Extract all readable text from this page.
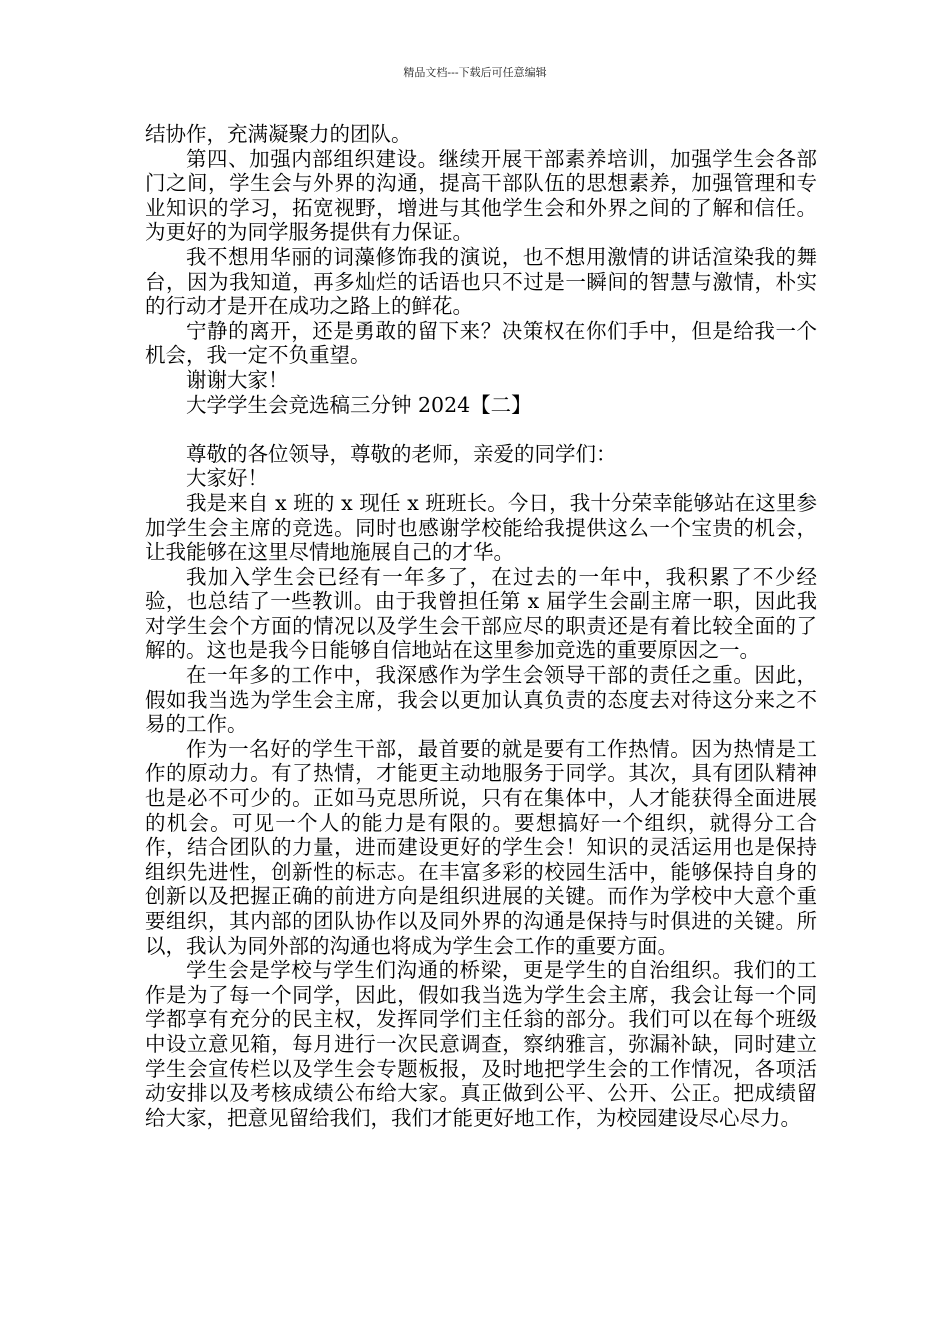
精品文档---下载后可任意编辑

结协作，充满凝聚力的团队。

第四、加强内部组织建设。继续开展干部素养培训，加强学生会各部门之间，学生会与外界的沟通，提高干部队伍的思想素养，加强管理和专业知识的学习，拓宽视野，增进与其他学生会和外界之间的了解和信任。为更好的为同学服务提供有力保证。

我不想用华丽的词藻修饰我的演说，也不想用激情的讲话渲染我的舞台，因为我知道，再多灿烂的话语也只不过是一瞬间的智慧与激情，朴实的行动才是开在成功之路上的鲜花。

宁静的离开，还是勇敢的留下来？决策权在你们手中，但是给我一个机会，我一定不负重望。

谢谢大家！

大学学生会竞选稿三分钟 2024【二】

尊敬的各位领导，尊敬的老师，亲爱的同学们：

大家好！

我是来自 x 班的 x 现任 x 班班长。今日，我十分荣幸能够站在这里参加学生会主席的竞选。同时也感谢学校能给我提供这么一个宝贵的机会，让我能够在这里尽情地施展自己的才华。

我加入学生会已经有一年多了，在过去的一年中，我积累了不少经验，也总结了一些教训。由于我曾担任第 x 届学生会副主席一职，因此我对学生会个方面的情况以及学生会干部应尽的职责还是有着比较全面的了解的。这也是我今日能够自信地站在这里参加竞选的重要原因之一。

在一年多的工作中，我深感作为学生会领导干部的责任之重。因此，假如我当选为学生会主席，我会以更加认真负责的态度去对待这分来之不易的工作。

作为一名好的学生干部，最首要的就是要有工作热情。因为热情是工作的原动力。有了热情，才能更主动地服务于同学。其次，具有团队精神也是必不可少的。正如马克思所说，只有在集体中，人才能获得全面进展的机会。可见一个人的能力是有限的。要想搞好一个组织，就得分工合作，结合团队的力量，进而建设更好的学生会！知识的灵活运用也是保持组织先进性，创新性的标志。在丰富多彩的校园生活中，能够保持自身的创新以及把握正确的前进方向是组织进展的关键。而作为学校中大意个重要组织，其内部的团队协作以及同外界的沟通是保持与时俱进的关键。所以，我认为同外部的沟通也将成为学生会工作的重要方面。

学生会是学校与学生们沟通的桥梁，更是学生的自治组织。我们的工作是为了每一个同学，因此，假如我当选为学生会主席，我会让每一个同学都享有充分的民主权，发挥同学们主任翁的部分。我们可以在每个班级中设立意见箱，每月进行一次民意调查，察纳雅言，弥漏补缺，同时建立学生会宣传栏以及学生会专题板报，及时地把学生会的工作情况，各项活动安排以及考核成绩公布给大家。真正做到公平、公开、公正。把成绩留给大家，把意见留给我们，我们才能更好地工作，为校园建设尽心尽力。
